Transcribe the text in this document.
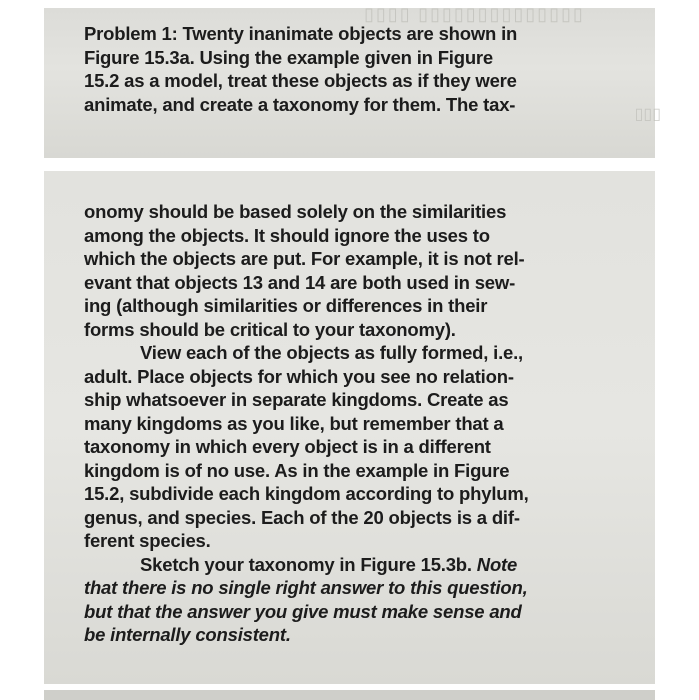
▯▯▯▯ ▯▯▯▯▯▯▯▯▯▯▯▯▯▯
▯▯▯
Problem 1: Twenty inanimate objects are shown in
Figure 15.3a. Using the example given in Figure
15.2 as a model, treat these objects as if they were
animate, and create a taxonomy for them. The tax-
onomy should be based solely on the similarities
among the objects. It should ignore the uses to
which the objects are put. For example, it is not rel-
evant that objects 13 and 14 are both used in sew-
ing (although similarities or differences in their
forms should be critical to your taxonomy).
View each of the objects as fully formed, i.e.,
adult. Place objects for which you see no relation-
ship whatsoever in separate kingdoms. Create as
many kingdoms as you like, but remember that a
taxonomy in which every object is in a different
kingdom is of no use. As in the example in Figure
15.2, subdivide each kingdom according to phylum,
genus, and species. Each of the 20 objects is a dif-
ferent species.
Sketch your taxonomy in Figure 15.3b. Note
that there is no single right answer to this question,
but that the answer you give must make sense and
be internally consistent.
